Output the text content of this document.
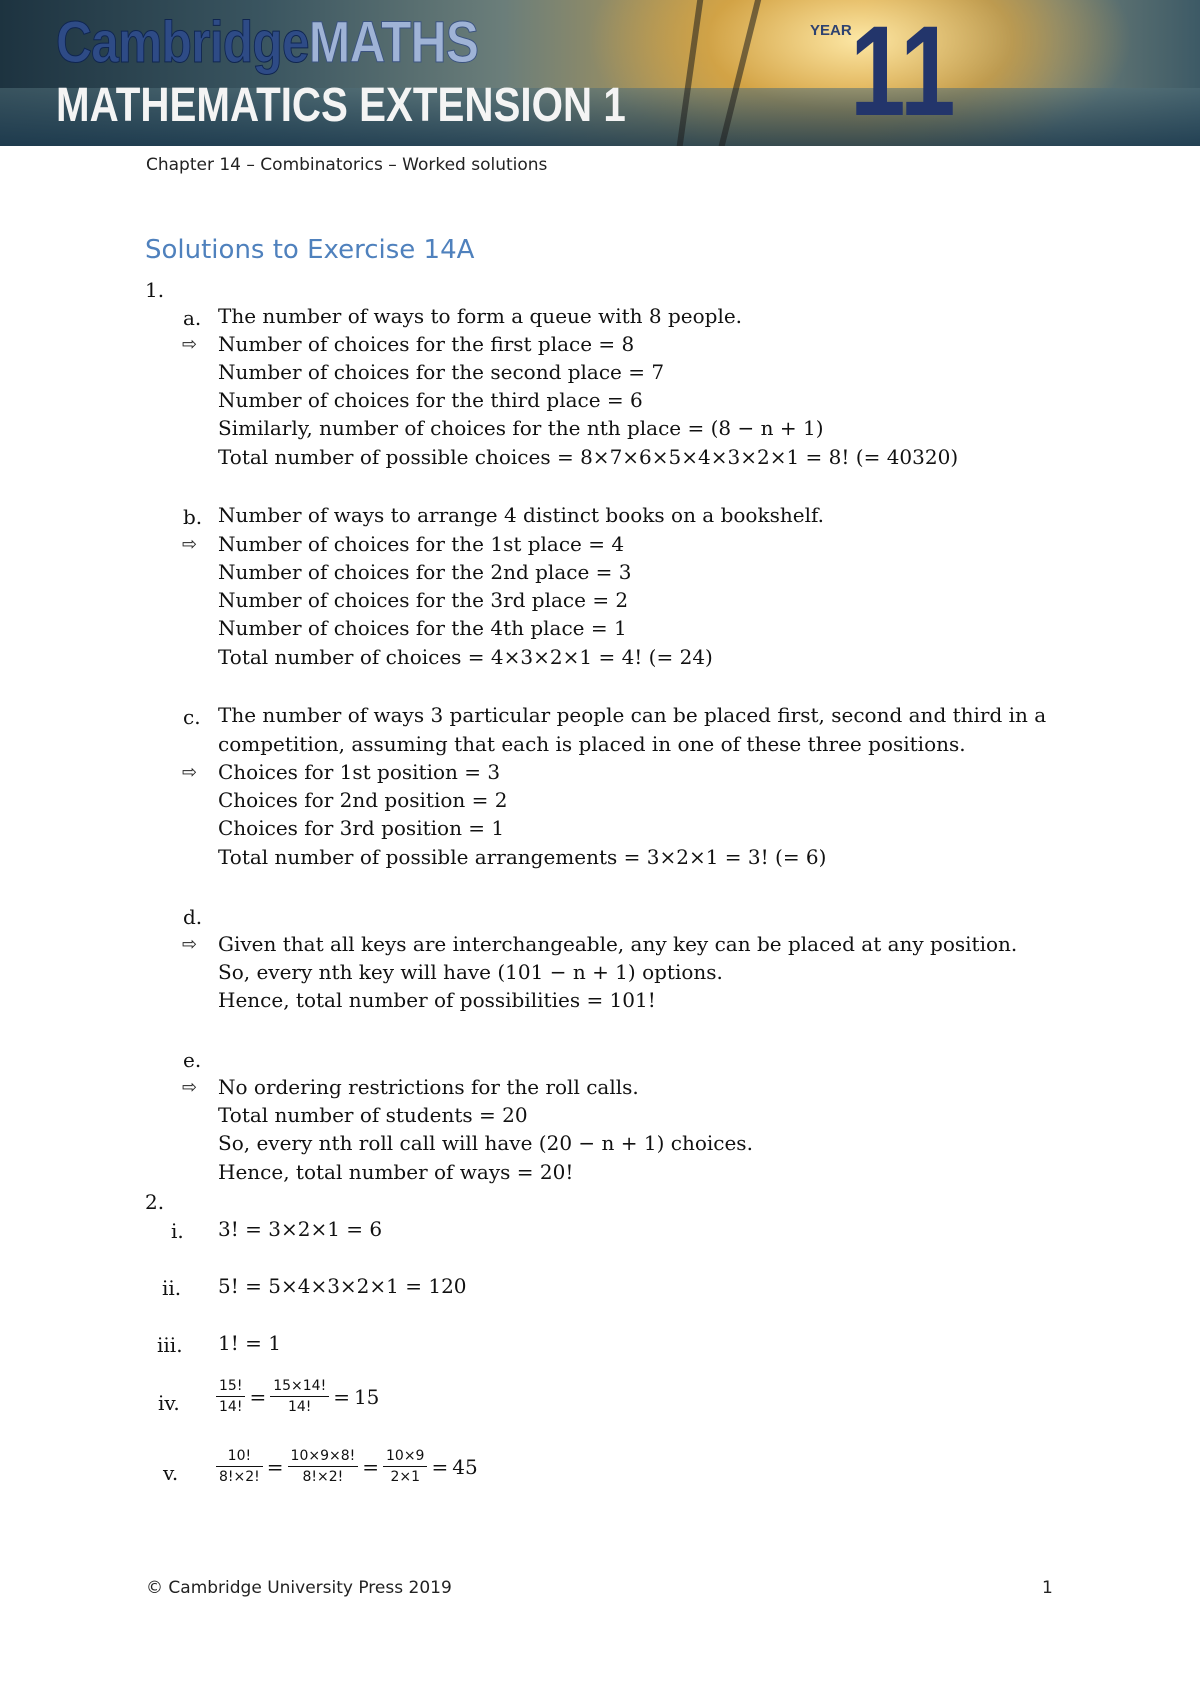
CambridgeMATHS
MATHEMATICS EXTENSION 1
YEAR
11
Chapter 14 – Combinatorics – Worked solutions
Solutions to Exercise 14A
1.
a. The number of ways to form a queue with 8 people.
⇨ Number of choices for the first place = 8
Number of choices for the second place = 7
Number of choices for the third place = 6
Similarly, number of choices for the nth place = (8 − n + 1)
Total number of possible choices = 8×7×6×5×4×3×2×1 = 8! (= 40320)
b. Number of ways to arrange 4 distinct books on a bookshelf.
⇨ Number of choices for the 1st place = 4
Number of choices for the 2nd place = 3
Number of choices for the 3rd place = 2
Number of choices for the 4th place = 1
Total number of choices = 4×3×2×1 = 4! (= 24)
c. The number of ways 3 particular people can be placed first, second and third in a
competition, assuming that each is placed in one of these three positions.
⇨ Choices for 1st position = 3
Choices for 2nd position = 2
Choices for 3rd position = 1
Total number of possible arrangements = 3×2×1 = 3! (= 6)
d.
⇨ Given that all keys are interchangeable, any key can be placed at any position.
So, every nth key will have (101 − n + 1) options.
Hence, total number of possibilities = 101!
e.
⇨ No ordering restrictions for the roll calls.
Total number of students = 20
So, every nth roll call will have (20 − n + 1) choices.
Hence, total number of ways = 20!
2.
i. 3! = 3×2×1 = 6
ii. 5! = 5×4×3×2×1 = 120
iii. 1! = 1
iv.	$\frac{15!}{14!} = \frac{15\times 14!}{14!} = 15$
v.	$\frac{10!}{8!\times 2!} = \frac{10\times 9\times 8!}{8!\times 2!} = \frac{10\times 9}{2\times 1} = 45$
© Cambridge University Press 2019	1
